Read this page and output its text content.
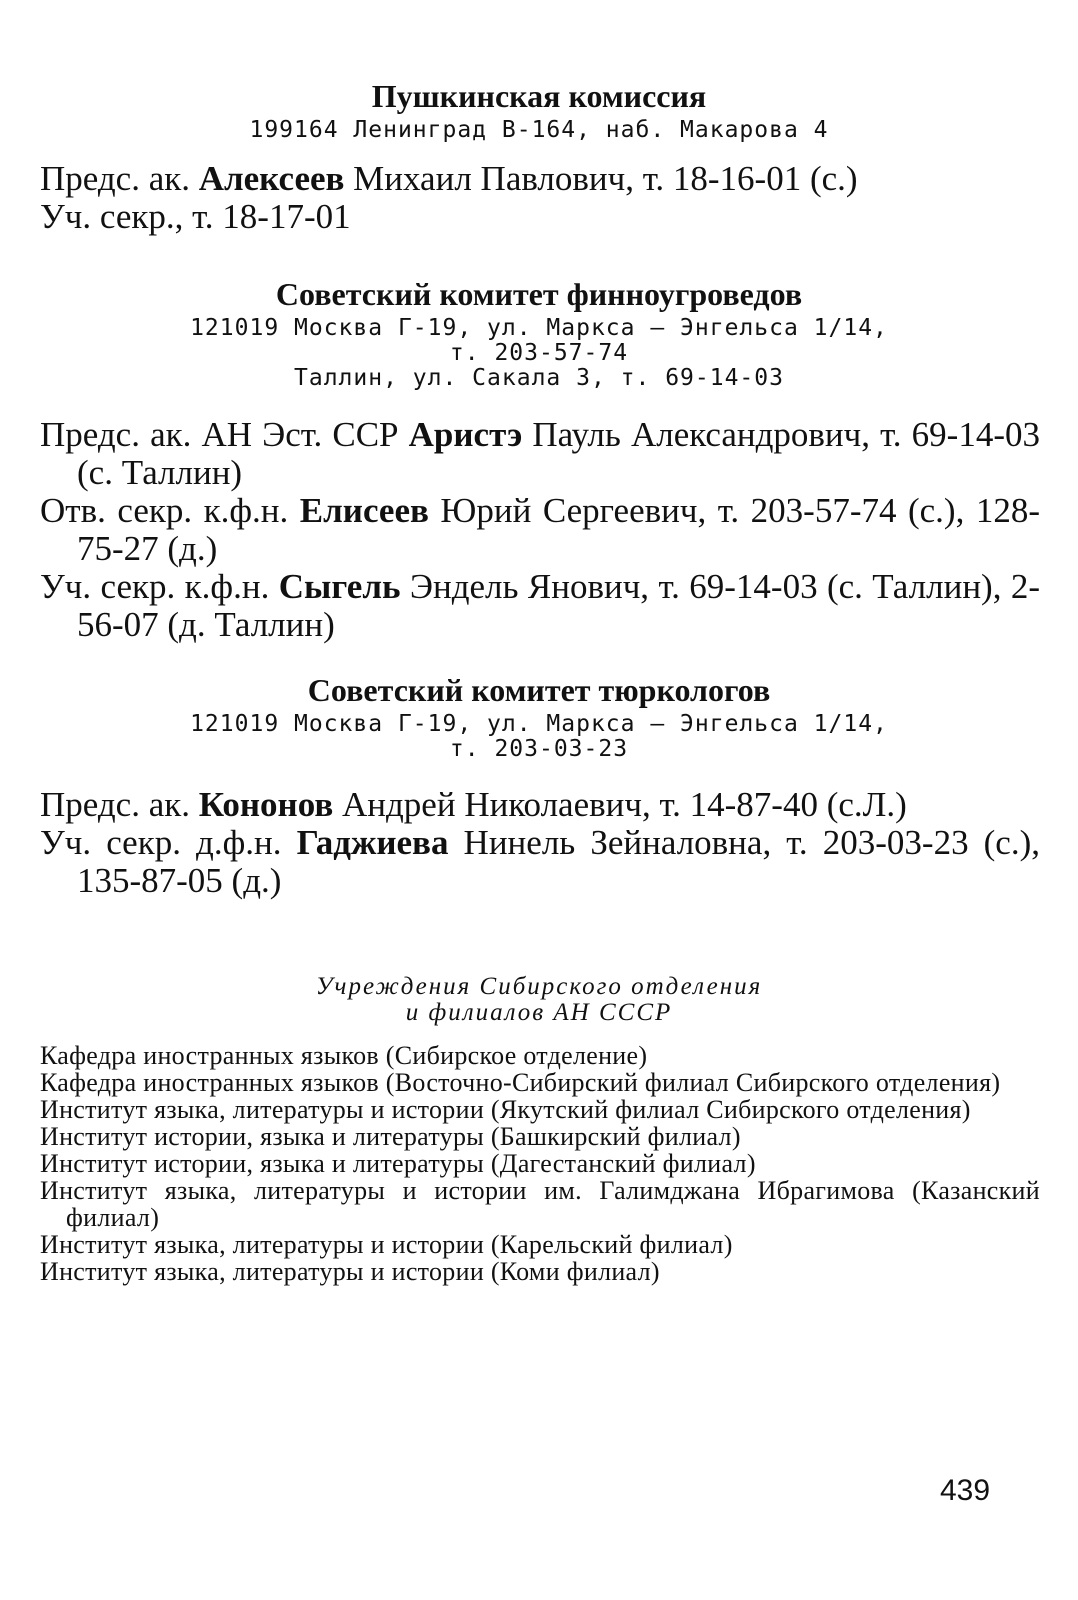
Пушкинская комиссия

199164 Ленинград В-164, наб. Макарова 4

Предс. ак. Алексеев Михаил Павлович, т. 18-16-01 (с.)

Уч. секр., т. 18-17-01

Советский комитет финноугроведов

121019 Москва Г-19, ул. Маркса — Энгельса 1/14,

т. 203-57-74

Таллин, ул. Сакала 3, т. 69-14-03

Предс. ак. АН Эст. ССР Аристэ Пауль Александрович, т. 69-14-03 (с. Таллин)

Отв. секр. к.ф.н. Елисеев Юрий Сергеевич, т. 203-57-74 (с.), 128-75-27 (д.)

Уч. секр. к.ф.н. Сыгель Эндель Янович, т. 69-14-03 (с. Таллин), 2-56-07 (д. Таллин)

Советский комитет тюркологов

121019 Москва Г-19, ул. Маркса — Энгельса 1/14,

т. 203-03-23

Предс. ак. Кононов Андрей Николаевич, т. 14-87-40 (с.Л.)

Уч. секр. д.ф.н. Гаджиева Нинель Зейналовна, т. 203-03-23 (с.), 135-87-05 (д.)

Учреждения Сибирского отделения

и филиалов АН СССР

Кафедра иностранных языков (Сибирское отделение)

Кафедра иностранных языков (Восточно-Сибирский филиал Сибирского отделения)

Институт языка, литературы и истории (Якутский филиал Сибирского отделения)

Институт истории, языка и литературы (Башкирский филиал)

Институт истории, языка и литературы (Дагестанский филиал)

Институт языка, литературы и истории им. Галимджана Ибрагимова (Казанский филиал)

Институт языка, литературы и истории (Карельский филиал)

Институт языка, литературы и истории (Коми филиал)

439
